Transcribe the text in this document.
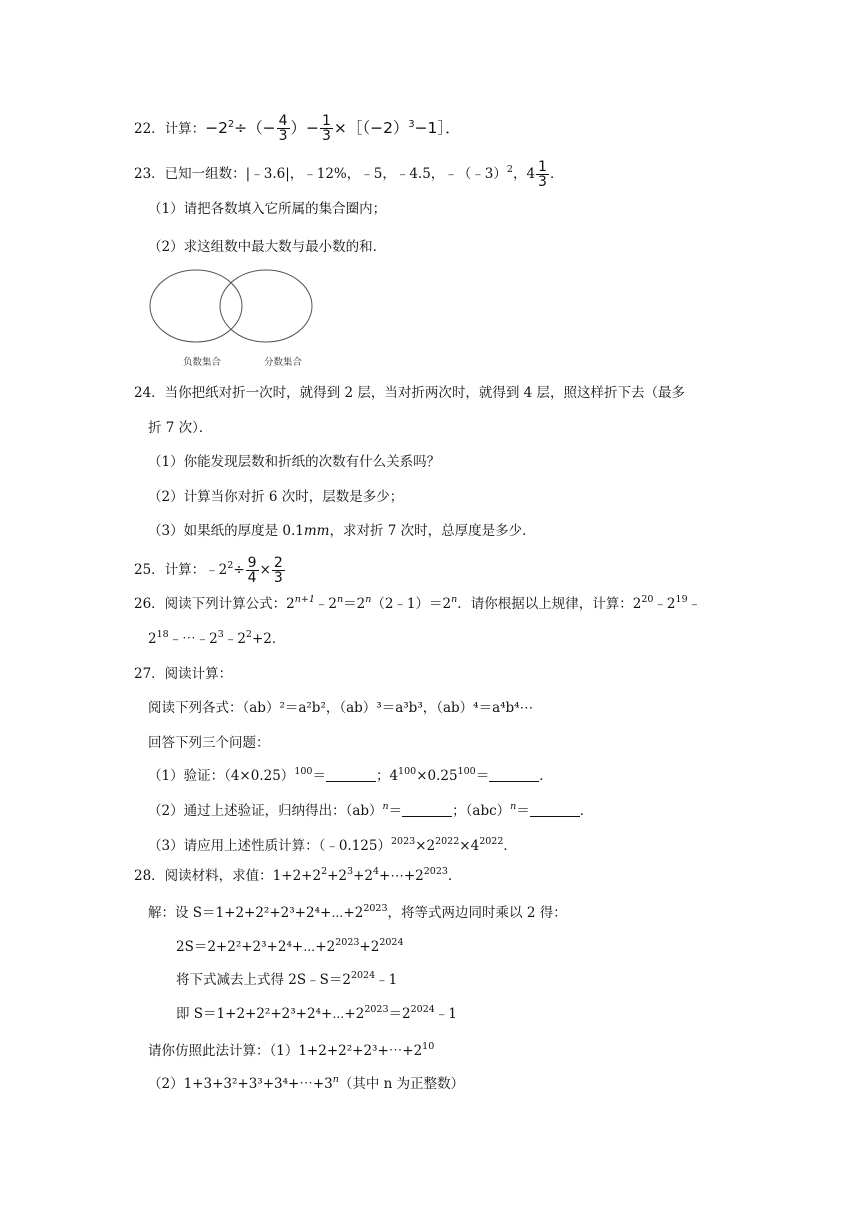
22．计算：$-2^2\div(- \frac{4}{3}$ ）− $\frac{1}{3}$ $\times[(-2)^3-1]$．
23．已知一组数：|﹣3.6|，﹣12%，﹣5，﹣4.5，﹣（﹣3）$^2$，$4 \frac{1}{3}$ ．
（1）请把各数填入它所属的集合圈内；
（2）求这组数中最大数与最小数的和．
负数集合	分数集合
24．当你把纸对折一次时，就得到 2 层，当对折两次时，就得到 4 层，照这样折下去（最多
折 7 次）．
（1）你能发现层数和折纸的次数有什么关系吗？
（2）计算当你对折 6 次时，层数是多少；
（3）如果纸的厚度是 0.1mm，求对折 7 次时，总厚度是多少．
25．计算：$﹣2^2\div \frac{9}{4} \times \frac{2}{3}$
26．阅读下列计算公式：$2^{n+1}﹣2^n=2^n(2﹣1)=2^n$．请你根据以上规律，计算：$2^{20}﹣2^{19}﹣$
$2^{18}﹣\cdots﹣2^3﹣2^2+2$．
27．阅读计算：
阅读下列各式：（ab）²＝a²b²，（ab）³＝a³b³，（ab）⁴＝a⁴b⁴⋯
回答下列三个问题：
（1）验证：$(4\times 0.25)^{100}=$	；$4^{100}\times 0.25^{100}=$	．
（2）通过上述验证，归纳得出：（ab）$^n$＝	；（abc）$^n$＝	．
（3）请应用上述性质计算：$(﹣0.125)^{2023}\times 2^{2022}\times 4^{2022}$．
28．阅读材料，求值：$1+2+2^2+2^3+2^4+\cdots+2^{2023}$．
解：设 $S=1+2+2^2+2^3+2^4+\cdots+2^{2023}$，将等式两边同时乘以 2 得：
$2S=2+2^2+2^3+2^4+\cdots+2^{2023}+2^{2024}$
将下式减去上式得 $2S﹣S=2^{2024}﹣1$
即 $S=1+2+2^2+2^3+2^4+\cdots+2^{2023}=2^{2024}﹣1$
请你仿照此法计算：$(1)1+2+2^2+2^3+\cdots+2^{10}$
$(2)1+3+3^2+3^3+3^4+\cdots+3^n$（其中 n 为正整数）
